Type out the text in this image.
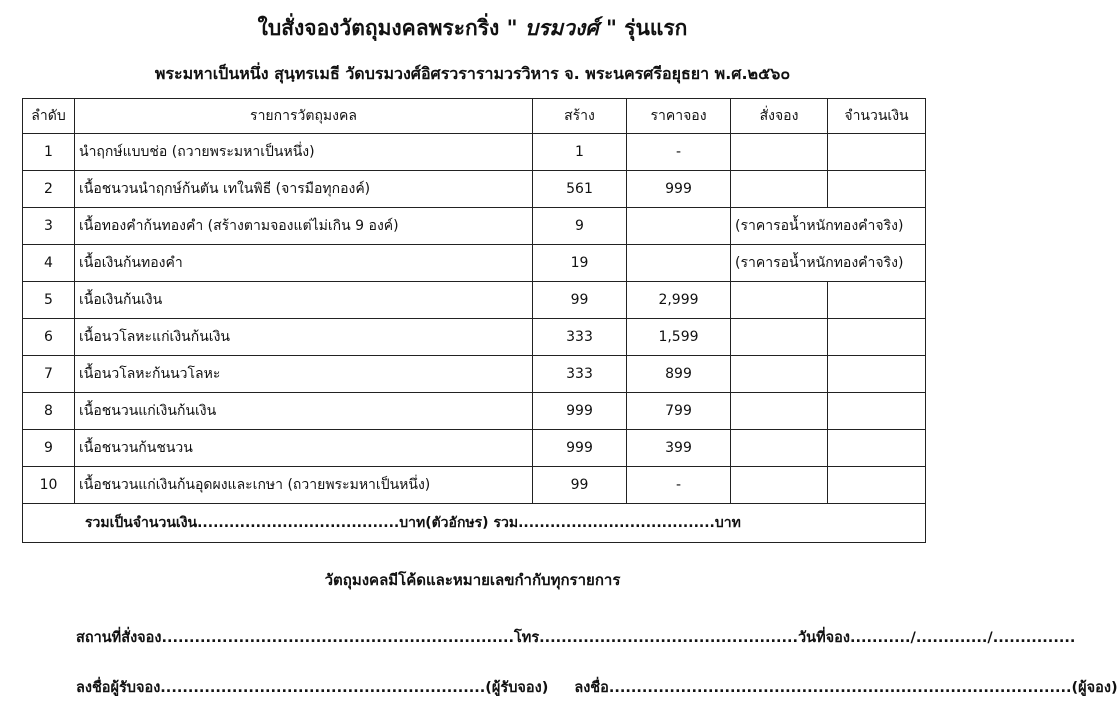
ใบสั่งจองวัตถุมงคลพระกริ่ง " บรมวงศ์ " รุ่นแรก
พระมหาเป็นหนึ่ง สุนฺทรเมธี วัดบรมวงศ์อิศรวรารามวรวิหาร จ. พระนครศรีอยุธยา พ.ศ.๒๕๖๐
ลำดับ	รายการวัตถุมงคล	สร้าง	ราคาจอง	สั่งจอง	จำนวนเงิน
1	นำฤกษ์แบบช่อ (ถวายพระมหาเป็นหนึ่ง)	1	-		
2	เนื้อชนวนนำฤกษ์ก้นตัน เทในพิธี (จารมือทุกองค์)	561	999		
3	เนื้อทองคำก้นทองคำ (สร้างตามจองแต่ไม่เกิน 9 องค์)	9		(ราคารอน้ำหนักทองคำจริง)	
4	เนื้อเงินก้นทองคำ	19		(ราคารอน้ำหนักทองคำจริง)	
5	เนื้อเงินก้นเงิน	99	2,999		
6	เนื้อนวโลหะแก่เงินก้นเงิน	333	1,599		
7	เนื้อนวโลหะก้นนวโลหะ	333	899		
8	เนื้อชนวนแก่เงินก้นเงิน	999	799		
9	เนื้อชนวนก้นชนวน	999	399		
10	เนื้อชนวนแก่เงินก้นอุดผงและเกษา (ถวายพระมหาเป็นหนึ่ง)	99	-		
รวมเป็นจำนวนเงิน......................................บาท(ตัวอักษร) รวม.....................................บาท					
วัตถุมงคลมีโค้ดและหมายเลขกำกับทุกรายการ
สถานที่สั่งจอง................................................................โทร...............................................วันที่จอง.........../............./...............
ลงชื่อผู้รับจอง...........................................................(ผู้รับจอง) ลงชื่อ....................................................................................(ผู้จอง)
